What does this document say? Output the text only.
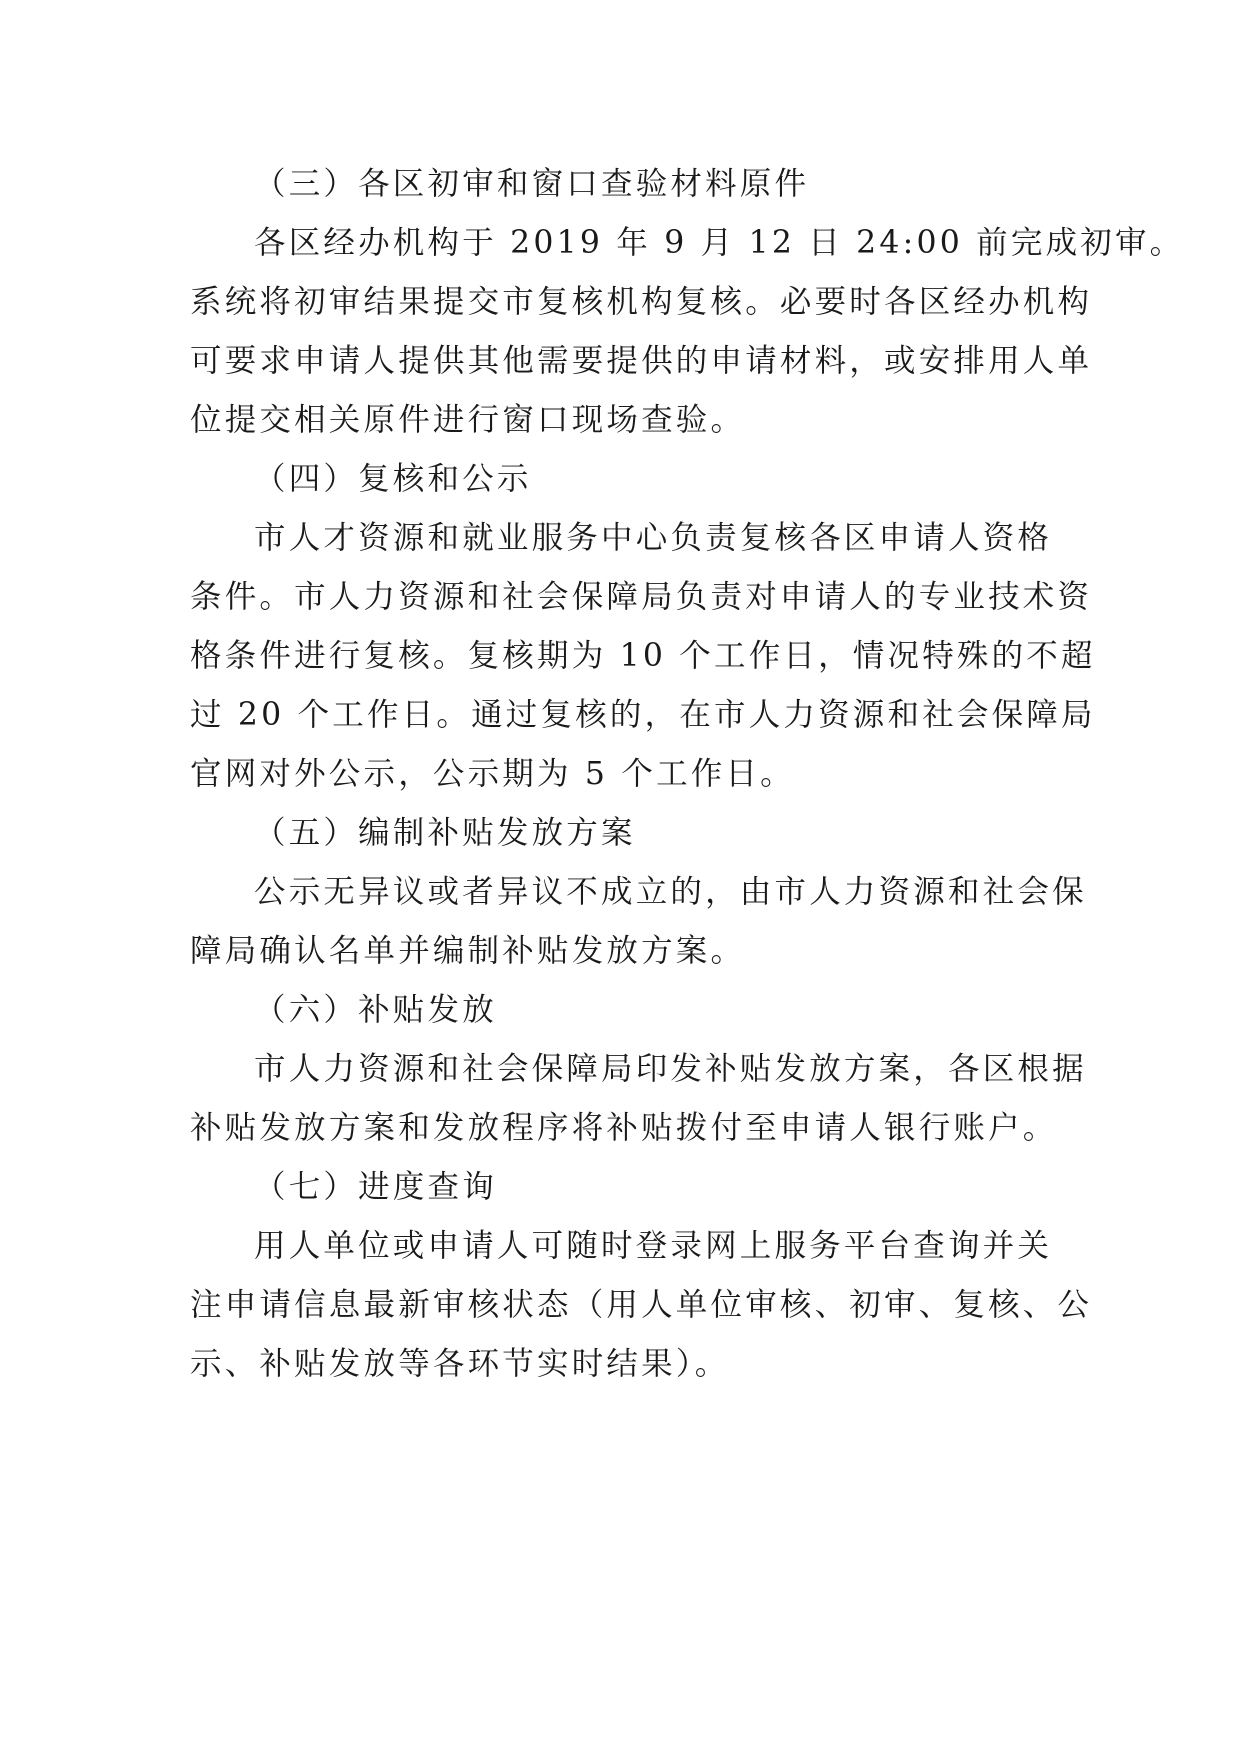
（三）各区初审和窗口查验材料原件

各区经办机构于 2019 年 9 月 12 日 24:00 前完成初审。
系统将初审结果提交市复核机构复核。必要时各区经办机构
可要求申请人提供其他需要提供的申请材料，或安排用人单
位提交相关原件进行窗口现场查验。

（四）复核和公示

市人才资源和就业服务中心负责复核各区申请人资格
条件。市人力资源和社会保障局负责对申请人的专业技术资
格条件进行复核。复核期为 10 个工作日，情况特殊的不超
过 20 个工作日。通过复核的，在市人力资源和社会保障局
官网对外公示，公示期为 5 个工作日。

（五）编制补贴发放方案

公示无异议或者异议不成立的，由市人力资源和社会保
障局确认名单并编制补贴发放方案。

（六）补贴发放

市人力资源和社会保障局印发补贴发放方案，各区根据
补贴发放方案和发放程序将补贴拨付至申请人银行账户。

（七）进度查询

用人单位或申请人可随时登录网上服务平台查询并关
注申请信息最新审核状态（用人单位审核、初审、复核、公
示、补贴发放等各环节实时结果）。
